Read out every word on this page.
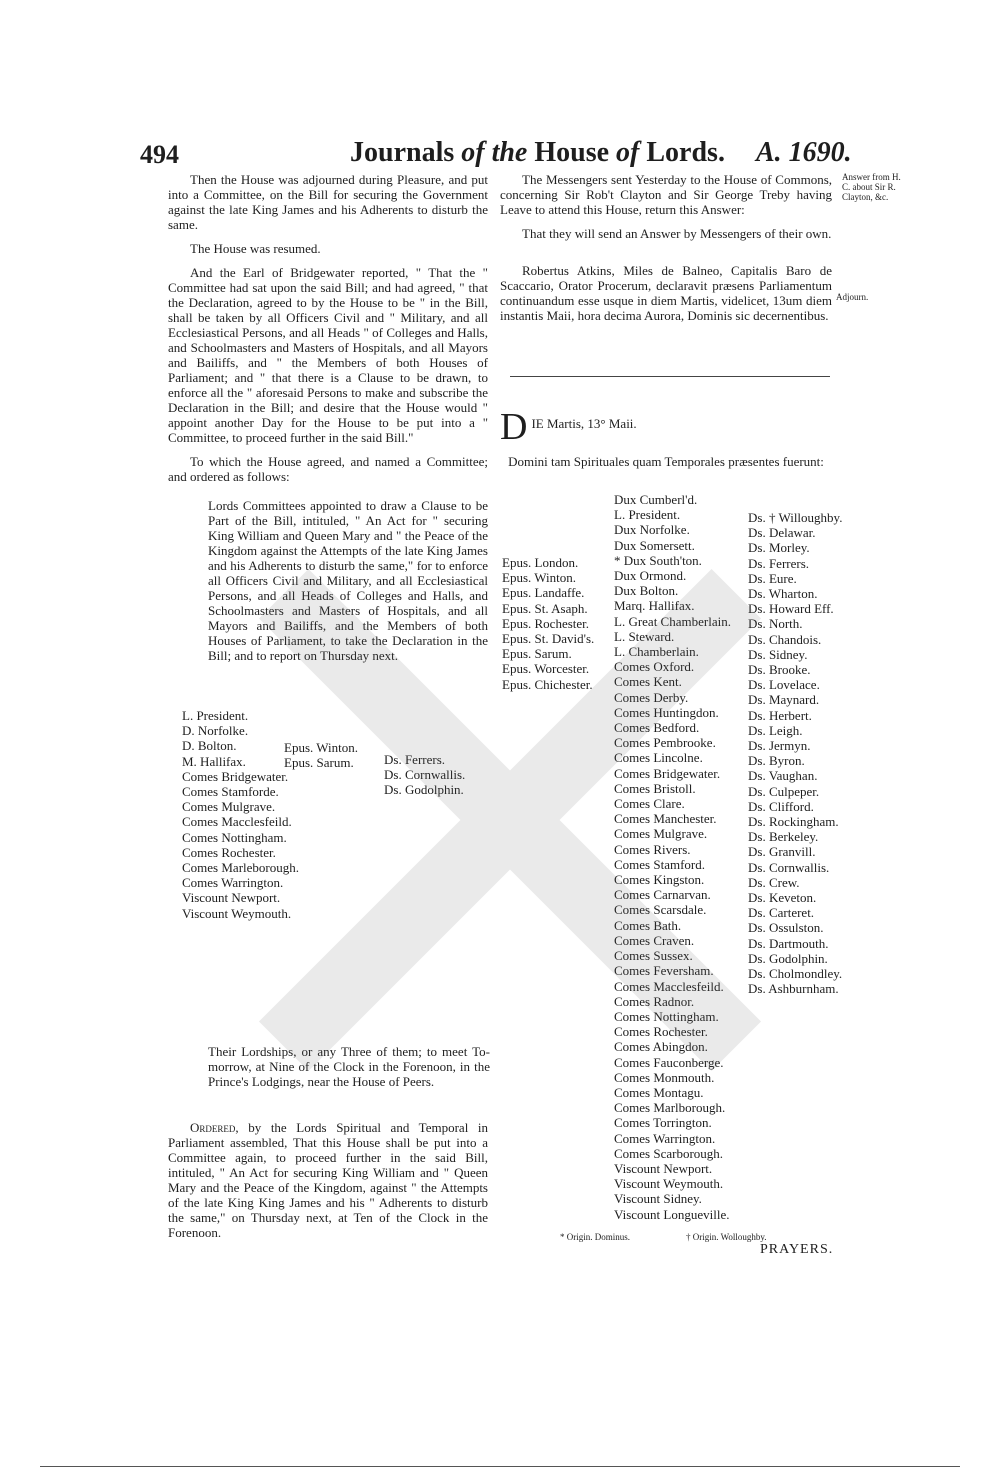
494	Journals of the House of Lords. A. 1690.

Then the House was adjourned during Pleasure, and put into a Committee, on the Bill for securing the Government against the late King James and his Adherents to disturb the same.

The House was resumed.

And the Earl of Bridgewater reported, " That the " Committee had sat upon the said Bill; and had agreed, " that the Declaration, agreed to by the House to be " in the Bill, shall be taken by all Officers Civil and " Military, and all Ecclesiastical Persons, and all Heads " of Colleges and Halls, and Schoolmasters and Masters of Hospitals, and all Mayors and Bailiffs, and " the Members of both Houses of Parliament; and " that there is a Clause to be drawn, to enforce all the " aforesaid Persons to make and subscribe the Declaration in the Bill; and desire that the House would " appoint another Day for the House to be put into a " Committee, to proceed further in the said Bill."

To which the House agreed, and named a Committee; and ordered as follows:

Lords Committees appointed to draw a Clause to be Part of the Bill, intituled, " An Act for " securing King William and Queen Mary and " the Peace of the Kingdom against the Attempts of the late King James and his Adherents to disturb the same," for to enforce all Officers Civil and Military, and all Ecclesiastical Persons, and all Heads of Colleges and Halls, and Schoolmasters and Masters of Hospitals, and all Mayors and Bailiffs, and the Members of both Houses of Parliament, to take the Declaration in the Bill; and to report on Thursday next.

L. President.
D. Norfolke.
D. Bolton.
M. Hallifax.
Comes Bridgewater.
Comes Stamforde.
Comes Mulgrave.
Comes Macclesfeild.
Comes Nottingham.
Comes Rochester.
Comes Marleborough.
Comes Warrington.
Viscount Newport.
Viscount Weymouth.
Epus. Winton.
Epus. Sarum.	Ds. Ferrers.
Ds. Cornwallis.
Ds. Godolphin.

Their Lordships, or any Three of them; to meet To-morrow, at Nine of the Clock in the Forenoon, in the Prince's Lodgings, near the House of Peers.

Ordered, by the Lords Spiritual and Temporal in Parliament assembled, That this House shall be put into a Committee again, to proceed further in the said Bill, intituled, " An Act for securing King William and " Queen Mary and the Peace of the Kingdom, against " the Attempts of the late King King James and his " Adherents to disturb the same," on Thursday next, at Ten of the Clock in the Forenoon.

The Messengers sent Yesterday to the House of Commons, concerning Sir Rob't Clayton and Sir George Treby having Leave to attend this House, return this Answer:

That they will send an Answer by Messengers of their own.

Robertus Atkins, Miles de Balneo, Capitalis Baro de Scaccario, Orator Procerum, declaravit præsens Parliamentum continuandum esse usque in diem Martis, videlicet, 13um diem instantis Maii, hora decima Aurora, Dominis sic decernentibus.

Answer from H. C. about Sir R. Clayton, &c.
Adjourn.
D IE Martis, 13° Maii.
Domini tam Spirituales quam Temporales præsentes fuerunt:
Epus. London.
Epus. Winton.
Epus. Landaffe.
Epus. St. Asaph.
Epus. Rochester.
Epus. St. David's.
Epus. Sarum.
Epus. Worcester.
Epus. Chichester.
Dux Cumberl'd.
L. President.
Dux Norfolke.
Dux Somersett.
* Dux South'ton.
Dux Ormond.
Dux Bolton.
Marq. Hallifax.
L. Great Chamberlain.
L. Steward.
L. Chamberlain.
Comes Oxford.
Comes Kent.
Comes Derby.
Comes Huntingdon.
Comes Bedford.
Comes Pembrooke.
Comes Lincolne.
Comes Bridgewater.
Comes Bristoll.
Comes Clare.
Comes Manchester.
Comes Mulgrave.
Comes Rivers.
Comes Stamford.
Comes Kingston.
Comes Carnarvan.
Comes Scarsdale.
Comes Bath.
Comes Craven.
Comes Sussex.
Comes Feversham.
Comes Macclesfeild.
Comes Radnor.
Comes Nottingham.
Comes Rochester.
Comes Abingdon.
Comes Fauconberge.
Comes Monmouth.
Comes Montagu.
Comes Marlborough.
Comes Torrington.
Comes Warrington.
Comes Scarborough.
Viscount Newport.
Viscount Weymouth.
Viscount Sidney.
Viscount Longueville.
Ds. † Willoughby.
Ds. Delawar.
Ds. Morley.
Ds. Ferrers.
Ds. Eure.
Ds. Wharton.
Ds. Howard Eff.
Ds. North.
Ds. Chandois.
Ds. Sidney.
Ds. Brooke.
Ds. Lovelace.
Ds. Maynard.
Ds. Herbert.
Ds. Leigh.
Ds. Jermyn.
Ds. Byron.
Ds. Vaughan.
Ds. Culpeper.
Ds. Clifford.
Ds. Rockingham.
Ds. Berkeley.
Ds. Granvill.
Ds. Cornwallis.
Ds. Crew.
Ds. Keveton.
Ds. Carteret.
Ds. Ossulston.
Ds. Dartmouth.
Ds. Godolphin.
Ds. Cholmondley.
Ds. Ashburnham.
* Origin. Dominus.	† Origin. Wolloughby.
PRAYERS.
